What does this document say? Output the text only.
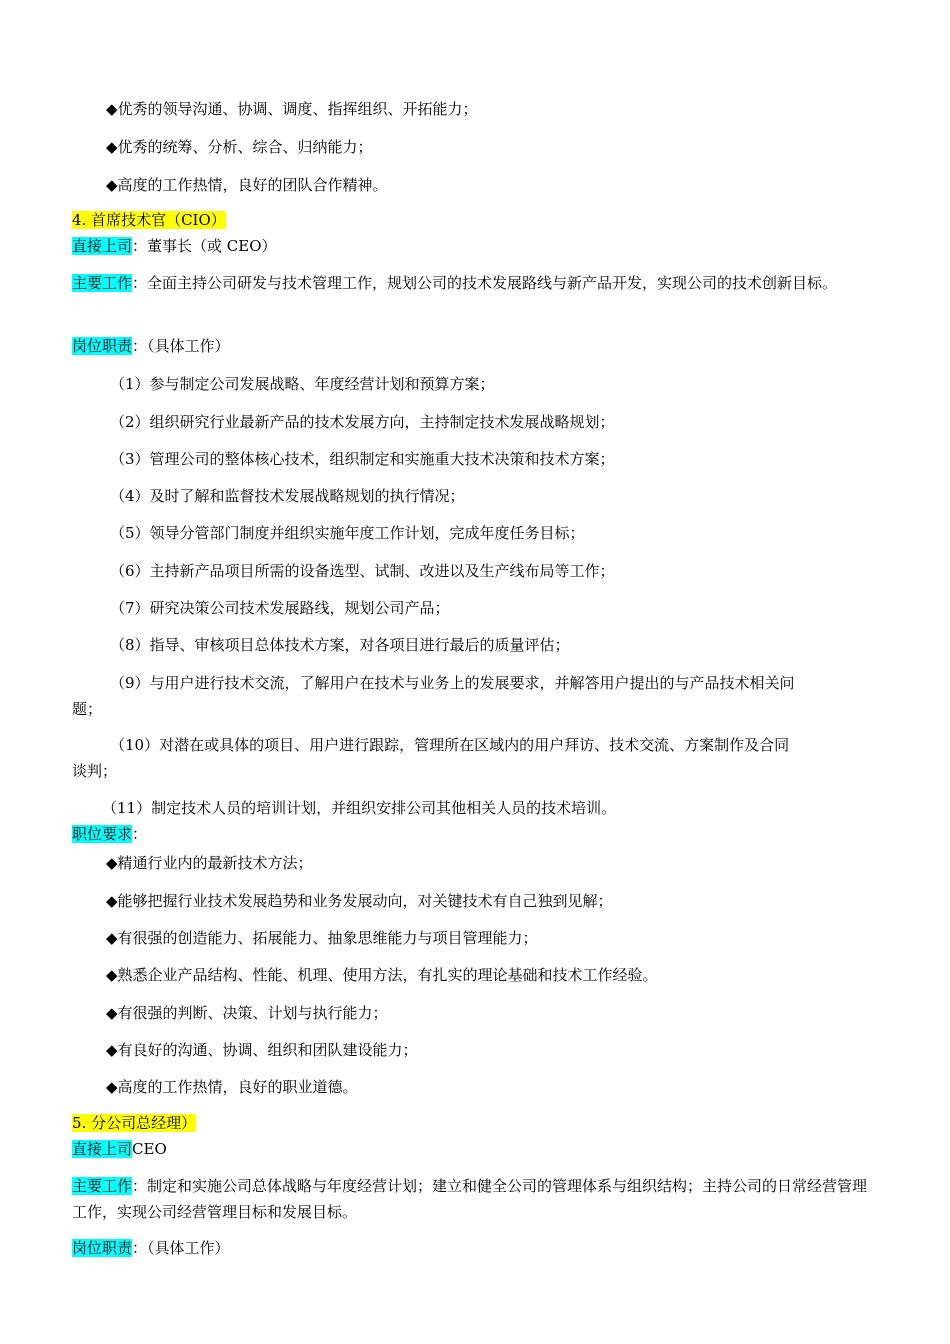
◆优秀的领导沟通、协调、调度、指挥组织、开拓能力；
◆优秀的统筹、分析、综合、归纳能力；
◆高度的工作热情，良好的团队合作精神。
4. 首席技术官（CIO）
直接上司：董事长（或 CEO）
主要工作：全面主持公司研发与技术管理工作，规划公司的技术发展路线与新产品开发，实现公司的技术创新目标。
岗位职责：（具体工作）
（1）参与制定公司发展战略、年度经营计划和预算方案；
（2）组织研究行业最新产品的技术发展方向，主持制定技术发展战略规划；
（3）管理公司的整体核心技术，组织制定和实施重大技术决策和技术方案；
（4）及时了解和监督技术发展战略规划的执行情况；
（5）领导分管部门制度并组织实施年度工作计划，完成年度任务目标；
（6）主持新产品项目所需的设备选型、试制、改进以及生产线布局等工作；
（7）研究决策公司技术发展路线，规划公司产品；
（8）指导、审核项目总体技术方案，对各项目进行最后的质量评估；
（9）与用户进行技术交流，了解用户在技术与业务上的发展要求，并解答用户提出的与产品技术相关问
题；
（10）对潜在或具体的项目、用户进行跟踪，管理所在区域内的用户拜访、技术交流、方案制作及合同
谈判；
（11）制定技术人员的培训计划，并组织安排公司其他相关人员的技术培训。
职位要求：
◆精通行业内的最新技术方法；
◆能够把握行业技术发展趋势和业务发展动向，对关键技术有自己独到见解；
◆有很强的创造能力、拓展能力、抽象思维能力与项目管理能力；
◆熟悉企业产品结构、性能、机理、使用方法，有扎实的理论基础和技术工作经验。
◆有很强的判断、决策、计划与执行能力；
◆有良好的沟通、协调、组织和团队建设能力；
◆高度的工作热情，良好的职业道德。
5. 分公司总经理）
直接上司CEO
主要工作：制定和实施公司总体战略与年度经营计划；建立和健全公司的管理体系与组织结构；主持公司的日常经营管理工作，实现公司经营管理目标和发展目标。
岗位职责：（具体工作）
